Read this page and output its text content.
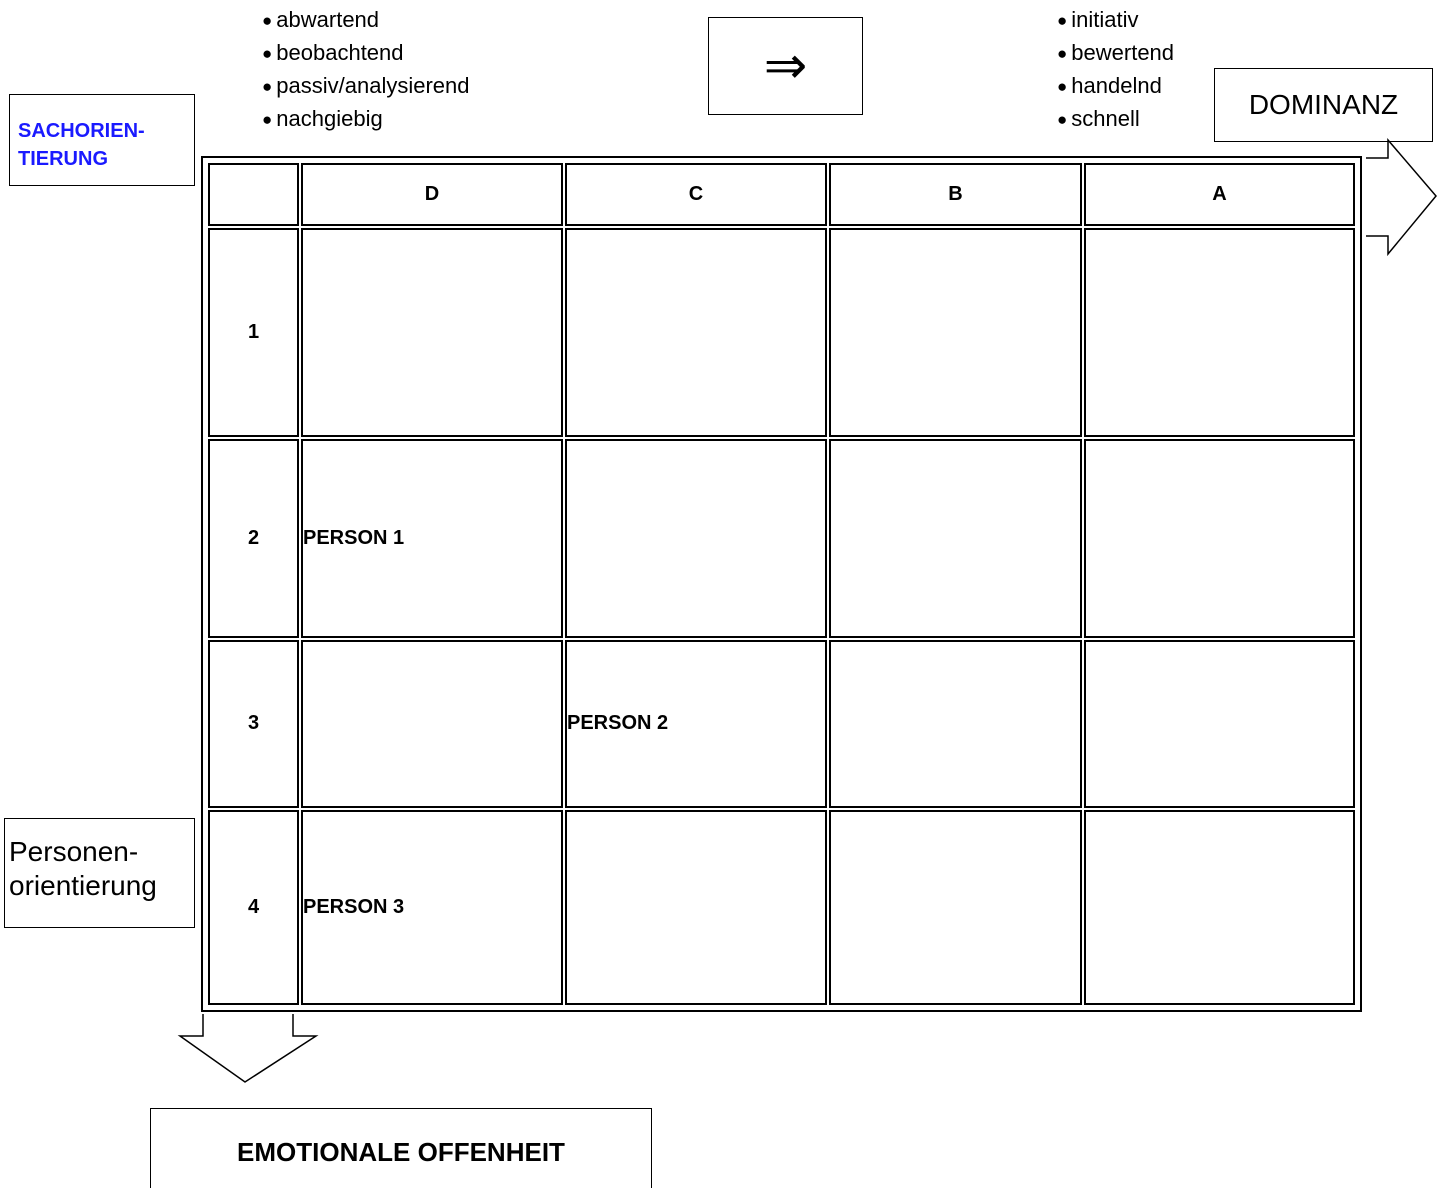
● abwartend
● beobachtend
● passiv/analysierend
● nachgiebig
⇒
● initiativ
● bewertend
● handelnd
● schnell
SACHORIEN-
TIERUNG
DOMINANZ
Personen-
orientierung
EMOTIONALE OFFENHEIT
	D	C	B	A
1				
2	PERSON 1			
3		PERSON 2		
4	PERSON 3			
